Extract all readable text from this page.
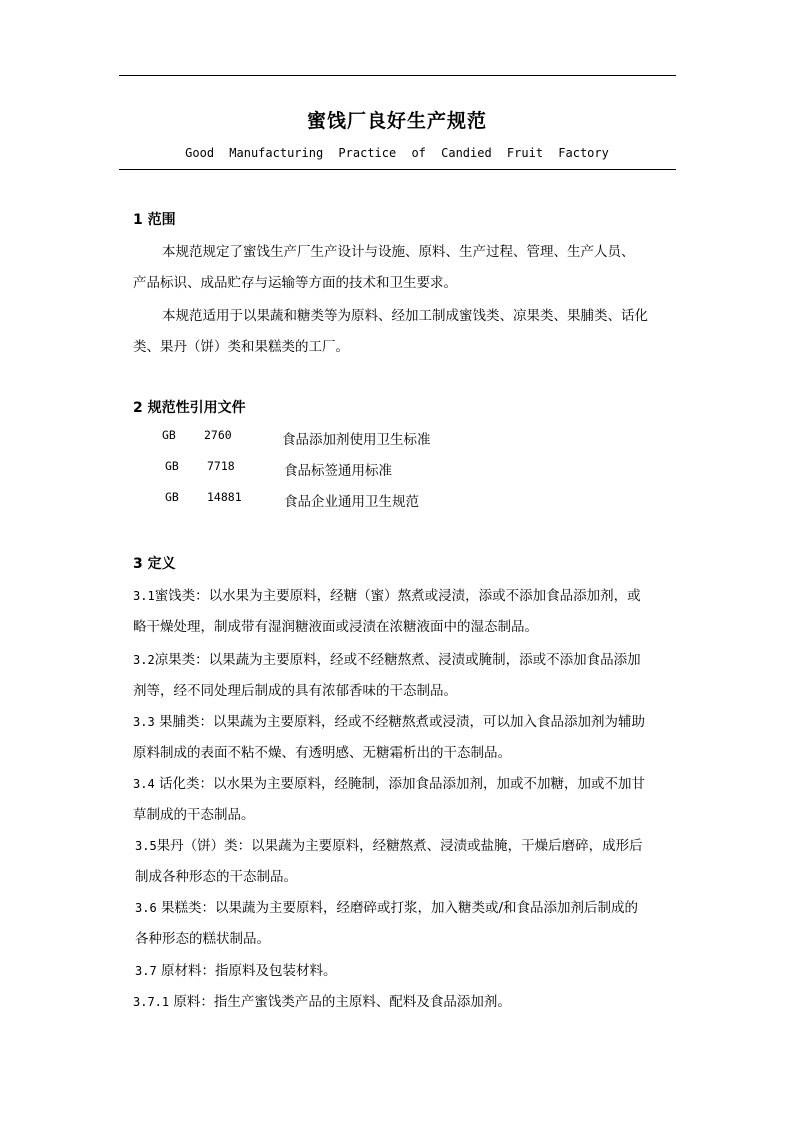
蜜饯厂良好生产规范
Good Manufacturing Practice of Candied Fruit Factory
1 范围
本规范规定了蜜饯生产厂生产设计与设施、原料、生产过程、管理、生产人员、
产品标识、成品贮存与运输等方面的技术和卫生要求。
本规范适用于以果蔬和糖类等为原料、经加工制成蜜饯类、凉果类、果脯类、话化
类、果丹（饼）类和果糕类的工厂。
2 规范性引用文件
GB 2760	食品添加剂使用卫生标准
GB 7718	食品标签通用标准
GB 14881	食品企业通用卫生规范
3 定义
3.1蜜饯类：以水果为主要原料，经糖（蜜）熬煮或浸渍，添或不添加食品添加剂，或
略干燥处理，制成带有湿润糖液面或浸渍在浓糖液面中的湿态制品。
3.2凉果类：以果蔬为主要原料，经或不经糖熬煮、浸渍或腌制，添或不添加食品添加
剂等，经不同处理后制成的具有浓郁香味的干态制品。
3.3 果脯类：以果蔬为主要原料，经或不经糖熬煮或浸渍，可以加入食品添加剂为辅助
原料制成的表面不粘不燥、有透明感、无糖霜析出的干态制品。
3.4 话化类：以水果为主要原料，经腌制，添加食品添加剂，加或不加糖，加或不加甘
草制成的干态制品。
3.5果丹（饼）类：以果蔬为主要原料，经糖熬煮、浸渍或盐腌，干燥后磨碎，成形后
制成各种形态的干态制品。
3.6 果糕类：以果蔬为主要原料，经磨碎或打浆，加入糖类或/和食品添加剂后制成的
各种形态的糕状制品。
3.7 原材料：指原料及包装材料。
3.7.1 原料：指生产蜜饯类产品的主原料、配料及食品添加剂。
